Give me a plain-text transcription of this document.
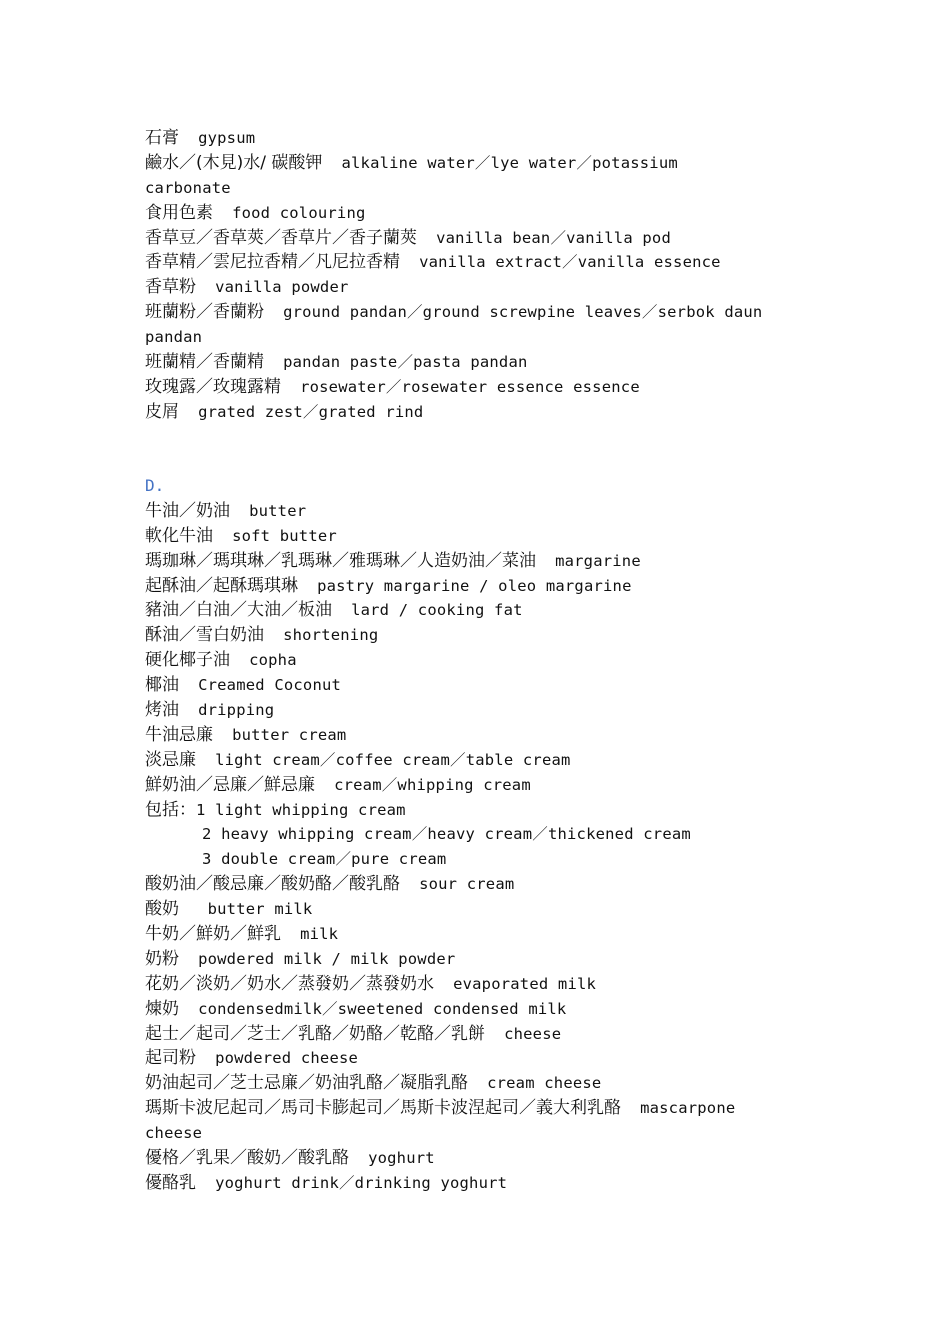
石膏  gypsum
鹼水／(木見)水/ 碳酸钾  alkaline water／lye water／potassium
carbonate
食用色素  food colouring
香草豆／香草莢／香草片／香子蘭莢  vanilla bean／vanilla pod
香草精／雲尼拉香精／凡尼拉香精  vanilla extract／vanilla essence
香草粉  vanilla powder
班蘭粉／香蘭粉  ground pandan／ground screwpine leaves／serbok daun
pandan
班蘭精／香蘭精  pandan paste／pasta pandan
玫瑰露／玫瑰露精  rosewater／rosewater essence essence
皮屑  grated zest／grated rind
D.
牛油／奶油  butter
軟化牛油  soft butter
瑪珈琳／瑪琪琳／乳瑪琳／雅瑪琳／人造奶油／菜油  margarine
起酥油／起酥瑪琪琳  pastry margarine / oleo margarine
豬油／白油／大油／板油  lard / cooking fat
酥油／雪白奶油  shortening
硬化椰子油  copha
椰油  Creamed Coconut
烤油  dripping
牛油忌廉  butter cream
淡忌廉  light cream／coffee cream／table cream
鮮奶油／忌廉／鮮忌廉  cream／whipping cream
包括：1 light whipping cream
2 heavy whipping cream／heavy cream／thickened cream
3 double cream／pure cream
酸奶油／酸忌廉／酸奶酪／酸乳酪  sour cream
酸奶   butter milk
牛奶／鮮奶／鮮乳  milk
奶粉  powdered milk / milk powder
花奶／淡奶／奶水／蒸發奶／蒸發奶水  evaporated milk
煉奶  condensedmilk／sweetened condensed milk
起士／起司／芝士／乳酪／奶酪／乾酪／乳餅  cheese
起司粉  powdered cheese
奶油起司／芝士忌廉／奶油乳酪／凝脂乳酪  cream cheese
瑪斯卡波尼起司／馬司卡膨起司／馬斯卡波涅起司／義大利乳酪  mascarpone
cheese
優格／乳果／酸奶／酸乳酪  yoghurt
優酪乳  yoghurt drink／drinking yoghurt
